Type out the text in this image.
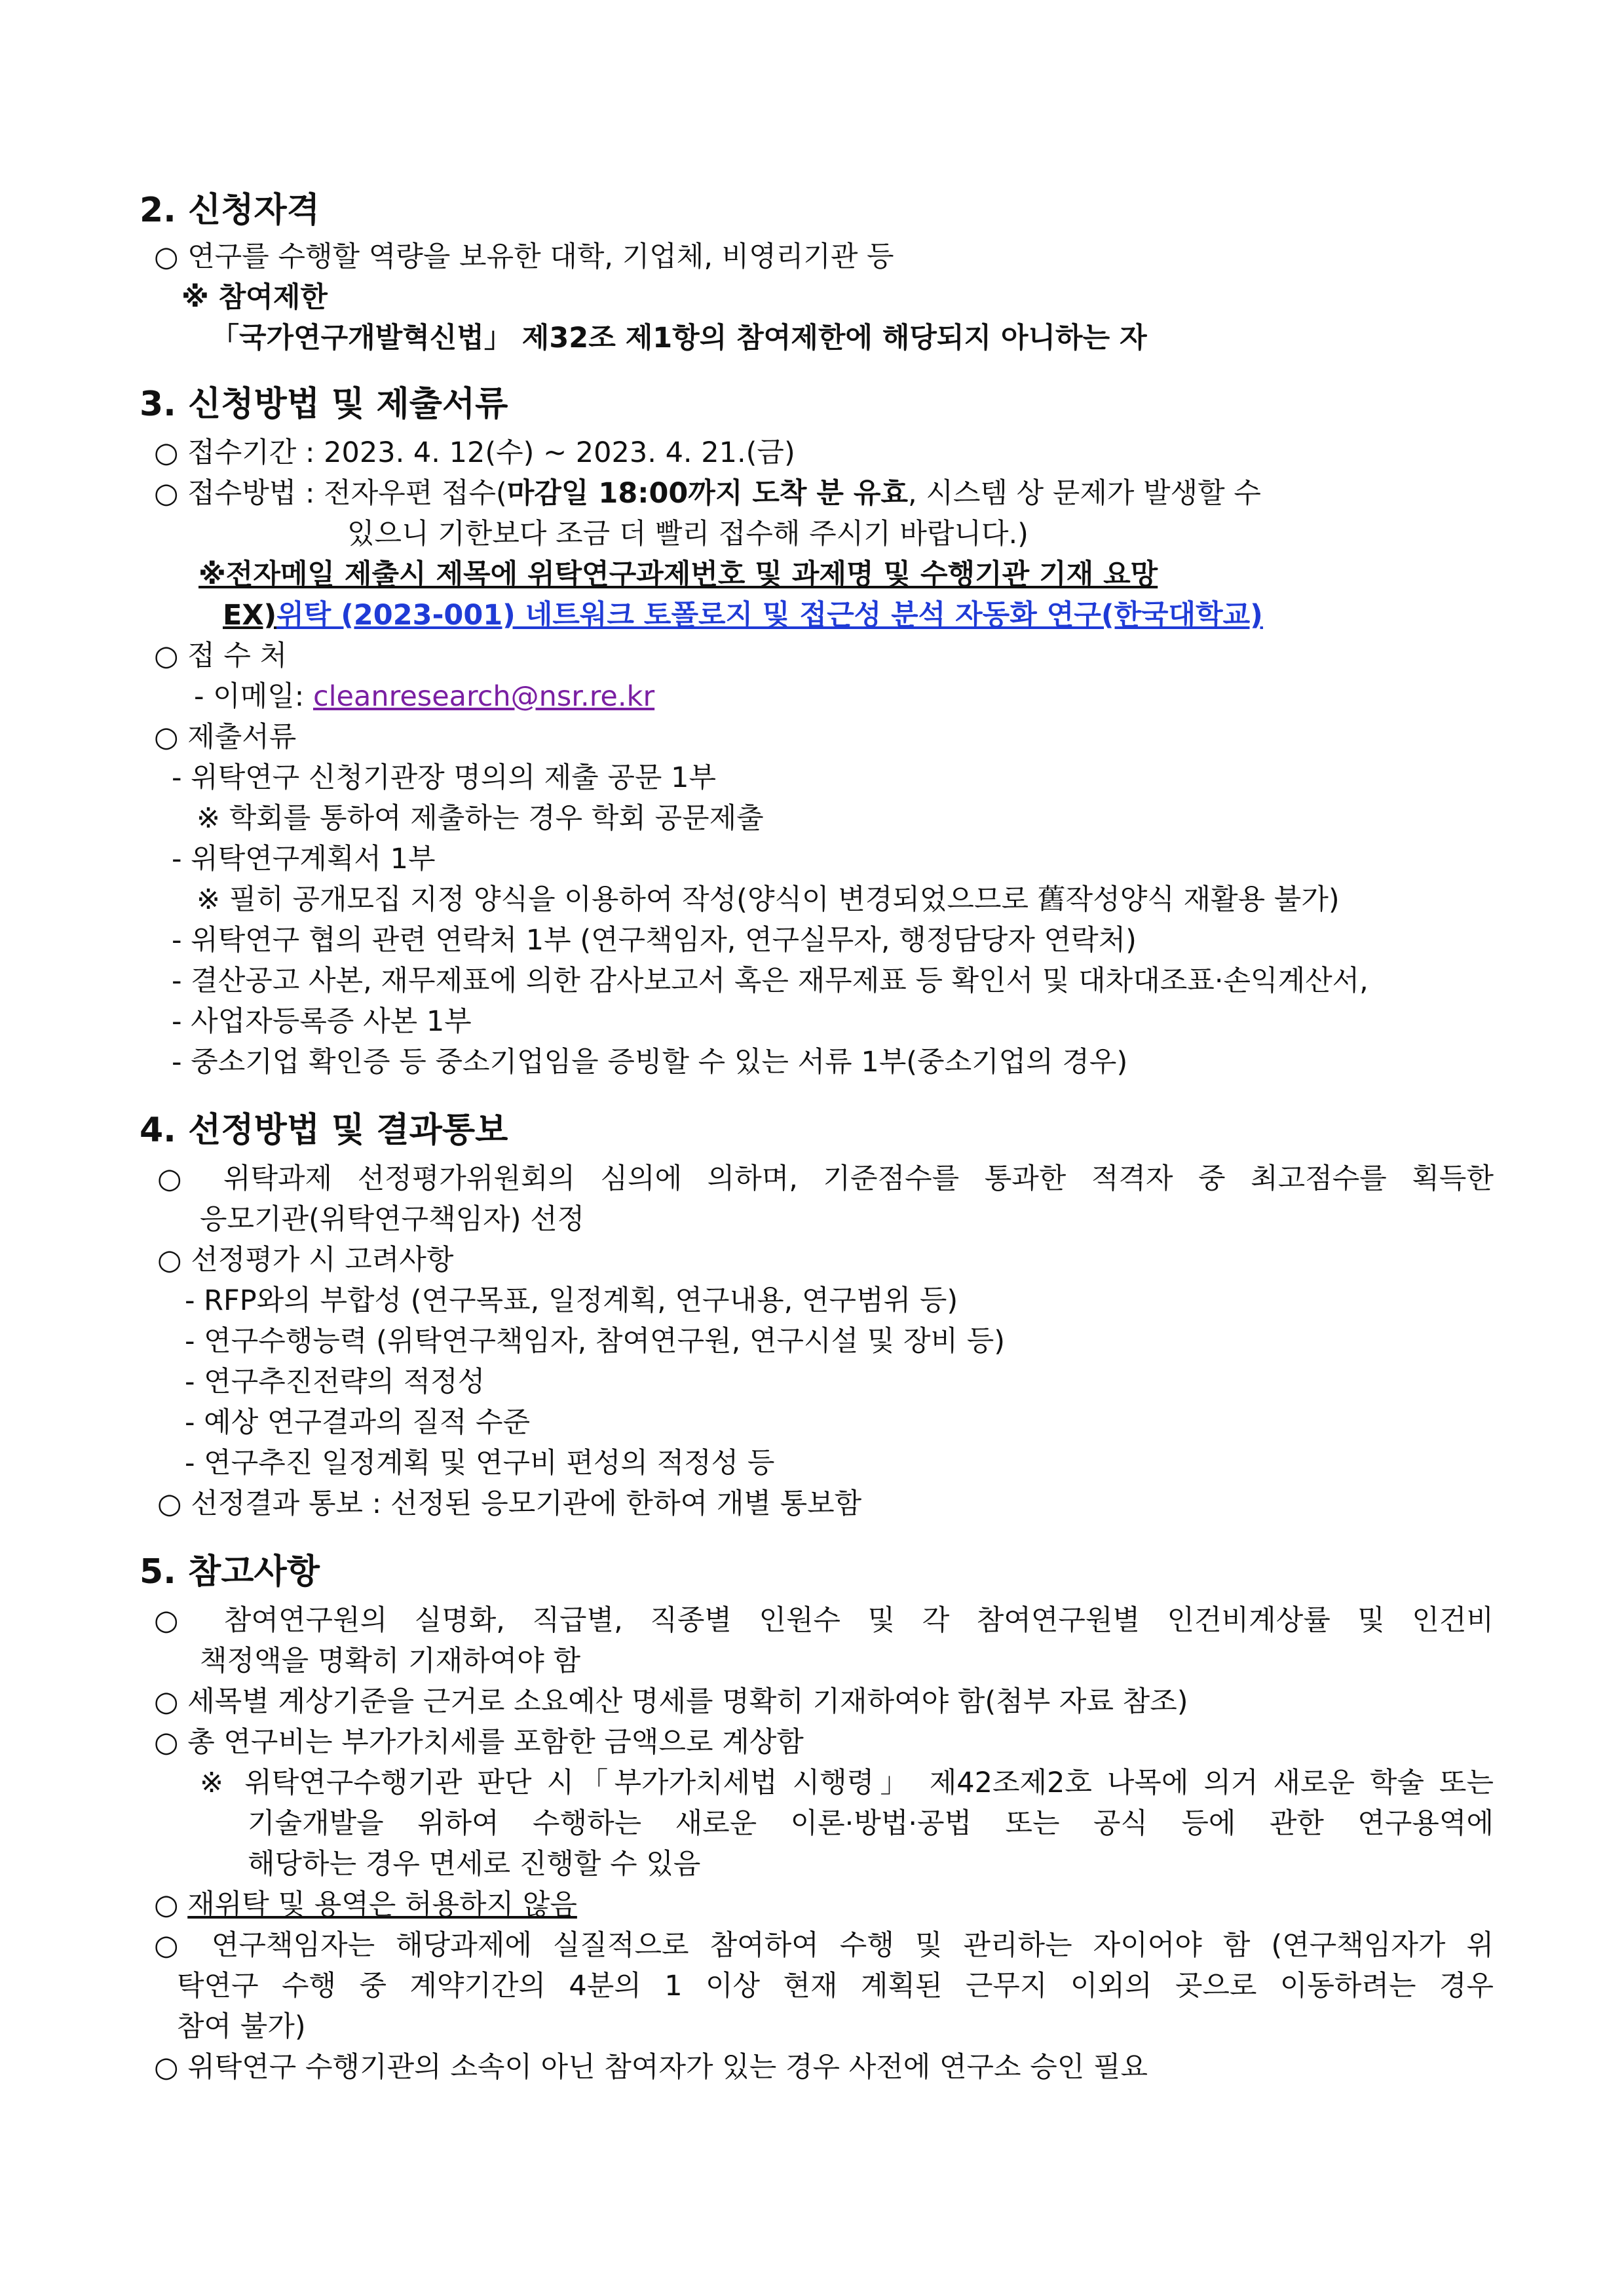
2. 신청자격
○ 연구를 수행할 역량을 보유한 대학, 기업체, 비영리기관 등
※ 참여제한
「국가연구개발혁신법」 제32조 제1항의 참여제한에 해당되지 아니하는 자
3. 신청방법 및 제출서류
○ 접수기간 : 2023. 4. 12(수) ~ 2023. 4. 21.(금)
○ 접수방법 : 전자우편 접수(마감일 18:00까지 도착 분 유효, 시스템 상 문제가 발생할 수
있으니 기한보다 조금 더 빨리 접수해 주시기 바랍니다.)
※전자메일 제출시 제목에 위탁연구과제번호 및 과제명 및 수행기관 기재 요망
EX)위탁 (2023-001) 네트워크 토폴로지 및 접근성 분석 자동화 연구(한국대학교)
○ 접 수 처
- 이메일: cleanresearch@nsr.re.kr
○ 제출서류
- 위탁연구 신청기관장 명의의 제출 공문 1부
※ 학회를 통하여 제출하는 경우 학회 공문제출
- 위탁연구계획서 1부
※ 필히 공개모집 지정 양식을 이용하여 작성(양식이 변경되었으므로 舊작성양식 재활용 불가)
- 위탁연구 협의 관련 연락처 1부 (연구책임자, 연구실무자, 행정담당자 연락처)
- 결산공고 사본, 재무제표에 의한 감사보고서 혹은 재무제표 등 확인서 및 대차대조표·손익계산서,
- 사업자등록증 사본 1부
- 중소기업 확인증 등 중소기업임을 증빙할 수 있는 서류 1부(중소기업의 경우)
4. 선정방법 및 결과통보
○ 위탁과제 선정평가위원회의 심의에 의하며, 기준점수를 통과한 적격자 중 최고점수를 획득한
응모기관(위탁연구책임자) 선정
○ 선정평가 시 고려사항
- RFP와의 부합성 (연구목표, 일정계획, 연구내용, 연구범위 등)
- 연구수행능력 (위탁연구책임자, 참여연구원, 연구시설 및 장비 등)
- 연구추진전략의 적정성
- 예상 연구결과의 질적 수준
- 연구추진 일정계획 및 연구비 편성의 적정성 등
○ 선정결과 통보 : 선정된 응모기관에 한하여 개별 통보함
5. 참고사항
○ 참여연구원의 실명화, 직급별, 직종별 인원수 및 각 참여연구원별 인건비계상률 및 인건비
책정액을 명확히 기재하여야 함
○ 세목별 계상기준을 근거로 소요예산 명세를 명확히 기재하여야 함(첨부 자료 참조)
○ 총 연구비는 부가가치세를 포함한 금액으로 계상함
※ 위탁연구수행기관 판단 시「부가가치세법 시행령」 제42조제2호 나목에 의거 새로운 학술 또는
기술개발을 위하여 수행하는 새로운 이론·방법·공법 또는 공식 등에 관한 연구용역에
해당하는 경우 면세로 진행할 수 있음
○ 재위탁 및 용역은 허용하지 않음
○ 연구책임자는 해당과제에 실질적으로 참여하여 수행 및 관리하는 자이어야 함 (연구책임자가 위
탁연구 수행 중 계약기간의 4분의 1 이상 현재 계획된 근무지 이외의 곳으로 이동하려는 경우
참여 불가)
○ 위탁연구 수행기관의 소속이 아닌 참여자가 있는 경우 사전에 연구소 승인 필요
